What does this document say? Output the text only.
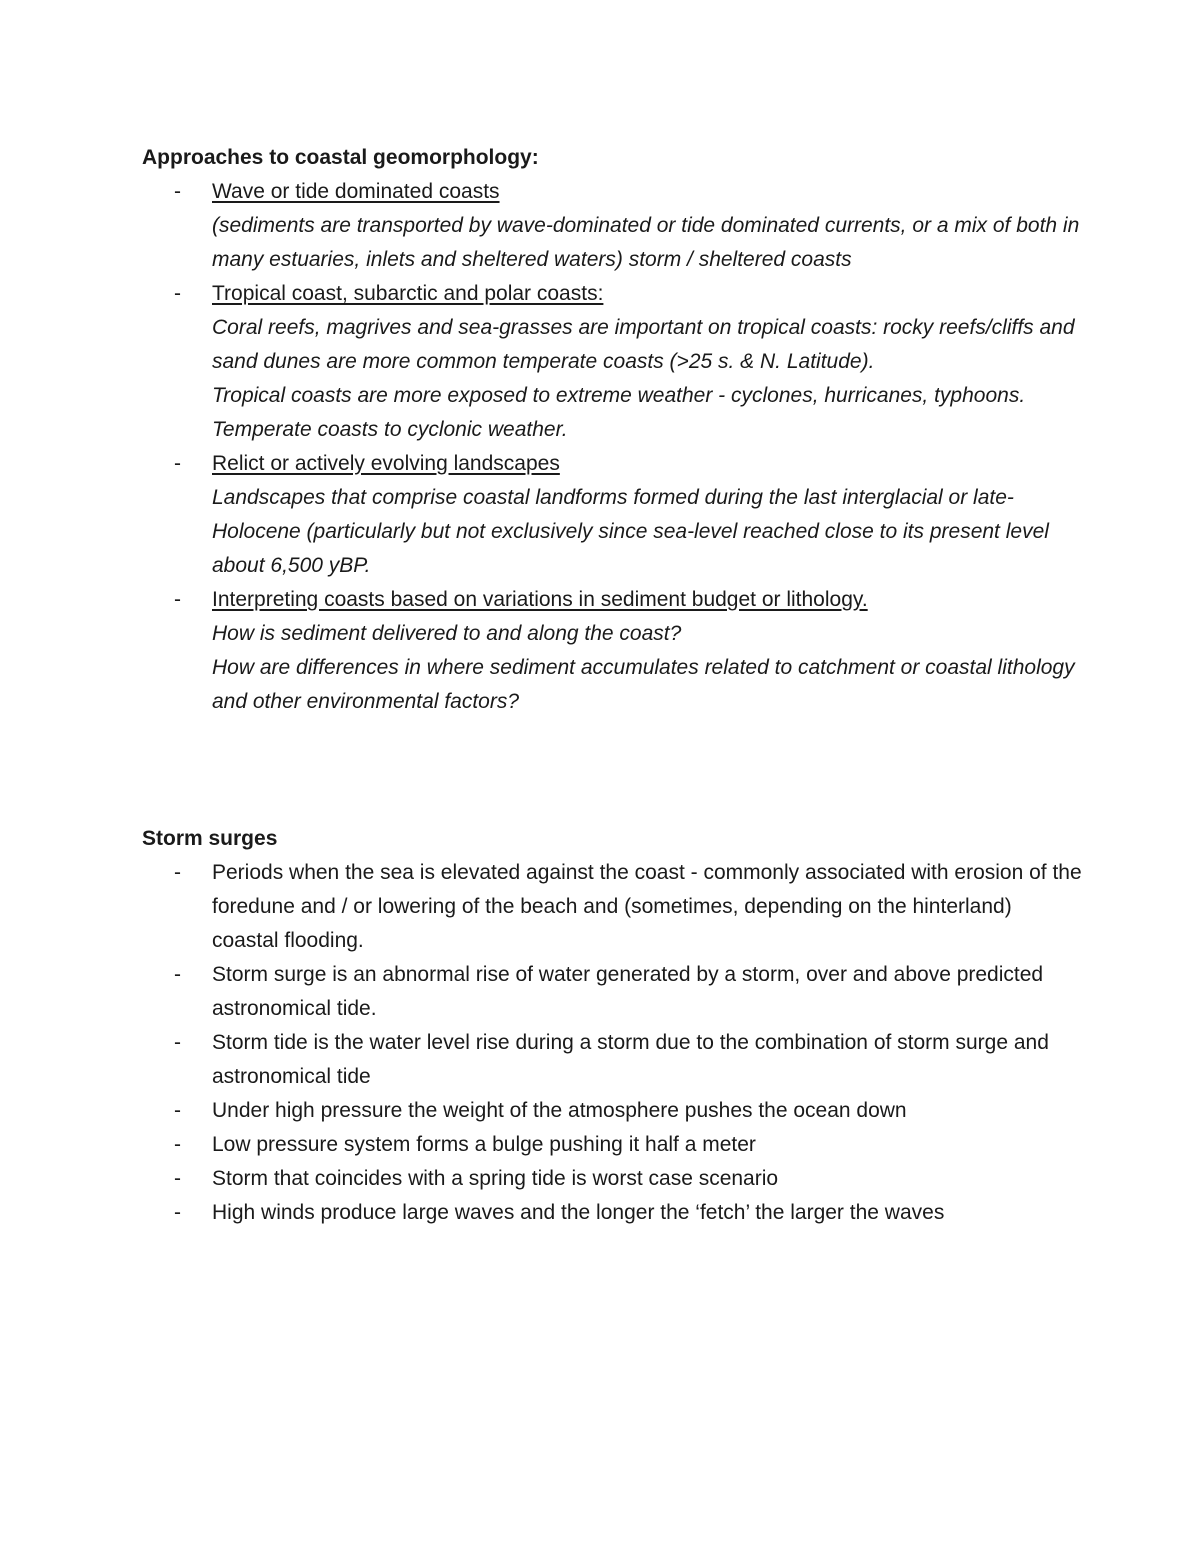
Approaches to coastal geomorphology:

- Wave or tide dominated coasts
(sediments are transported by wave-dominated or tide dominated currents, or a mix of both in many estuaries, inlets and sheltered waters) storm / sheltered coasts
- Tropical coast, subarctic and polar coasts:
Coral reefs, magrives and sea-grasses are important on tropical coasts: rocky reefs/cliffs and sand dunes are more common temperate coasts (>25 s. & N. Latitude).
Tropical coasts are more exposed to extreme weather - cyclones, hurricanes, typhoons. Temperate coasts to cyclonic weather.
- Relict or actively evolving landscapes
Landscapes that comprise coastal landforms formed during the last interglacial or late-Holocene (particularly but not exclusively since sea-level reached close to its present level about 6,500 yBP.
- Interpreting coasts based on variations in sediment budget or lithology.
How is sediment delivered to and along the coast?
How are differences in where sediment accumulates related to catchment or coastal lithology and other environmental factors?

Storm surges

- Periods when the sea is elevated against the coast - commonly associated with erosion of the foredune and / or lowering of the beach and (sometimes, depending on the hinterland) coastal flooding.
- Storm surge is an abnormal rise of water generated by a storm, over and above predicted astronomical tide.
- Storm tide is the water level rise during a storm due to the combination of storm surge and astronomical tide
- Under high pressure the weight of the atmosphere pushes the ocean down
- Low pressure system forms a bulge pushing it half a meter
- Storm that coincides with a spring tide is worst case scenario
- High winds produce large waves and the longer the ‘fetch’ the larger the waves
